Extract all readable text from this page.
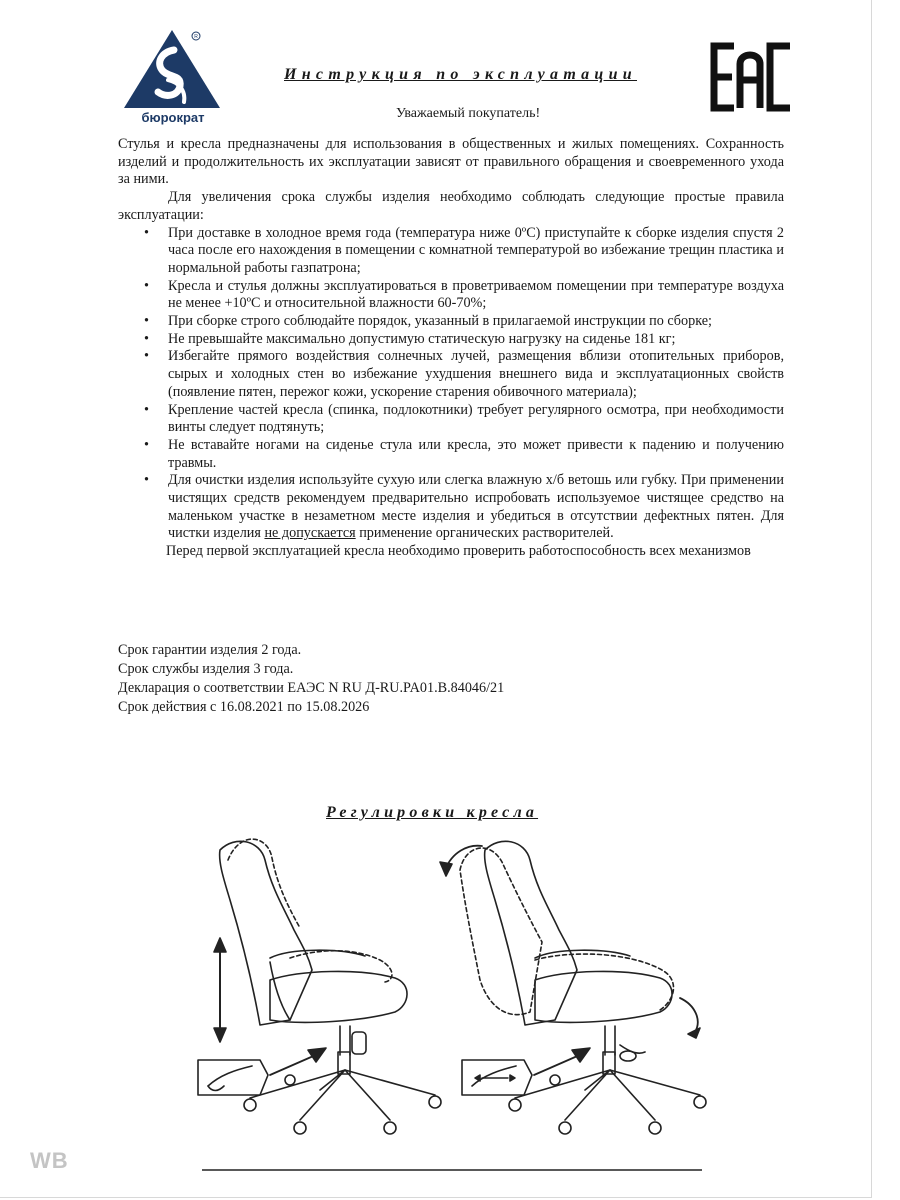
R
бюрократ
EAC
Инструкция по эксплуатации
Уважаемый покупатель!

Стулья и кресла предназначены для использования в общественных и жилых помещениях. Сохранность изделий и продолжительность их эксплуатации зависят от правильного обращения и своевременного ухода за ними.

Для увеличения срока службы изделия необходимо соблюдать следующие простые правила эксплуатации:

• При доставке в холодное время года (температура ниже 0ºС) приступайте к сборке изделия спустя 2 часа после его нахождения в помещении с комнатной температурой во избежание трещин пластика и нормальной работы газпатрона;
• Кресла и стулья должны эксплуатироваться в проветриваемом помещении при температуре воздуха не менее +10ºС и относительной влажности 60-70%;
• При сборке строго соблюдайте порядок, указанный в прилагаемой инструкции по сборке;
• Не превышайте максимально допустимую статическую нагрузку на сиденье 181 кг;
• Избегайте прямого воздействия солнечных лучей, размещения вблизи отопительных приборов, сырых и холодных стен во избежание ухудшения внешнего вида и эксплуатационных свойств (появление пятен, пережог кожи, ускорение старения обивочного материала);
• Крепление частей кресла (спинка, подлокотники) требует регулярного осмотра, при необходимости винты следует подтянуть;
• Не вставайте ногами на сиденье стула или кресла, это может привести к падению и получению травмы.
• Для очистки изделия используйте сухую или слегка влажную х/б ветошь или губку. При применении чистящих средств рекомендуем предварительно испробовать используемое чистящее средство на маленьком участке в незаметном месте изделия и убедиться в отсутствии дефектных пятен. Для чистки изделия не допускается применение органических растворителей.

Перед первой эксплуатацией кресла необходимо проверить работоспособность всех механизмов

Срок гарантии изделия 2 года.
Срок службы изделия 3 года.
Декларация о соответствии ЕАЭС N RU Д-RU.PA01.B.84046/21
Срок действия с 16.08.2021 по 15.08.2026
Регулировки кресла
WB
